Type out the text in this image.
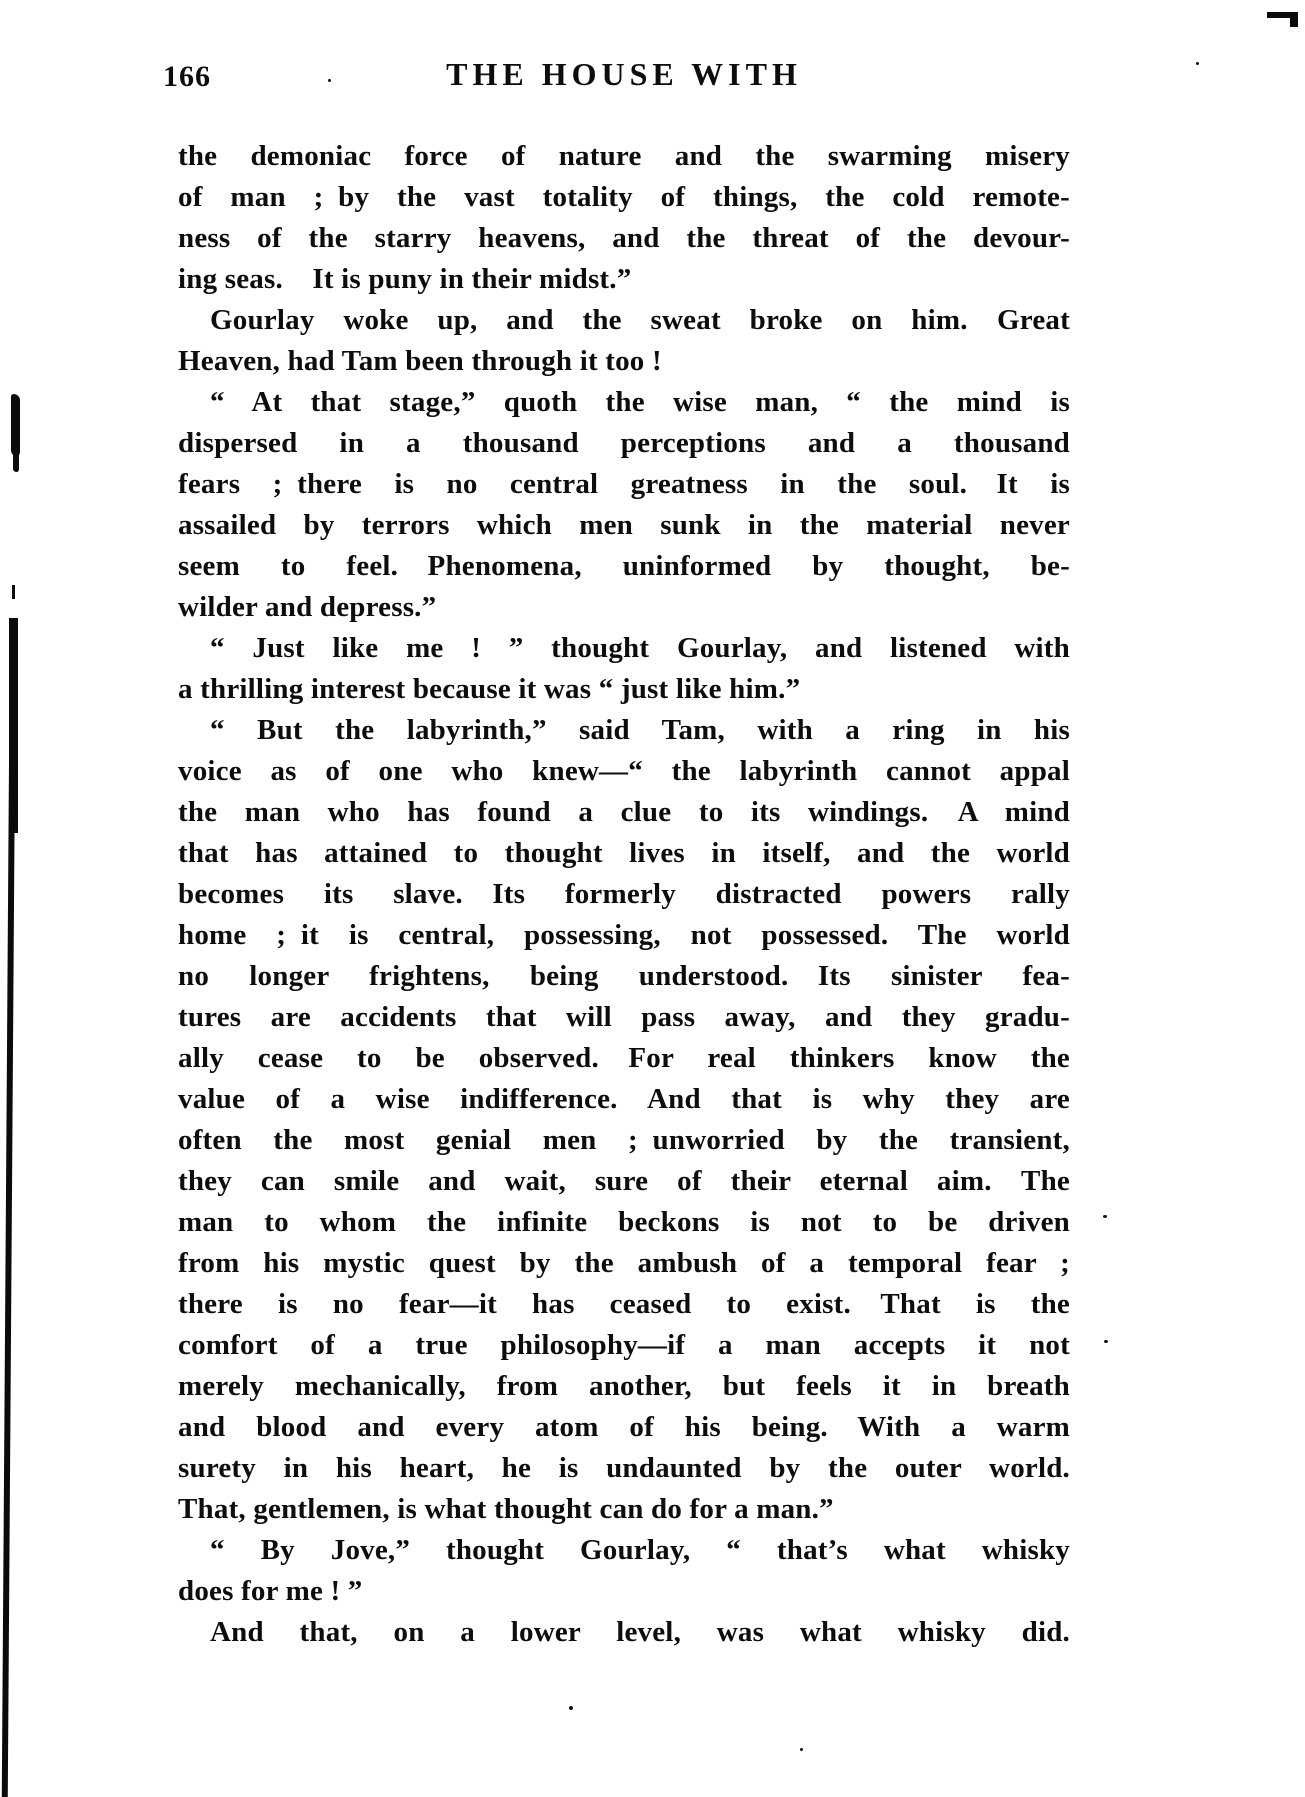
166	THE HOUSE WITH
the demoniac force of nature and the swarming misery
of man ; by the vast totality of things, the cold remote-
ness of the starry heavens, and the threat of the devour-
ing seas.  It is puny in their midst.”
Gourlay woke up, and the sweat broke on him.  Great
Heaven, had Tam been through it too !
“ At that stage,” quoth the wise man, “ the mind is
dispersed in a thousand perceptions and a thousand
fears ; there is no central greatness in the soul.  It is
assailed by terrors which men sunk in the material never
seem to feel.  Phenomena, uninformed by thought, be-
wilder and depress.”
“ Just like me ! ” thought Gourlay, and listened with
a thrilling interest because it was “ just like him.”
“ But the labyrinth,” said Tam, with a ring in his
voice as of one who knew—“ the labyrinth cannot appal
the man who has found a clue to its windings.  A mind
that has attained to thought lives in itself, and the world
becomes its slave.  Its formerly distracted powers rally
home ; it is central, possessing, not possessed.  The world
no longer frightens, being understood.  Its sinister fea-
tures are accidents that will pass away, and they gradu-
ally cease to be observed.  For real thinkers know the
value of a wise indifference.  And that is why they are
often the most genial men ; unworried by the transient,
they can smile and wait, sure of their eternal aim.  The
man to whom the infinite beckons is not to be driven
from his mystic quest by the ambush of a temporal fear ;
there is no fear—it has ceased to exist.  That is the
comfort of a true philosophy—if a man accepts it not
merely mechanically, from another, but feels it in breath
and blood and every atom of his being.  With a warm
surety in his heart, he is undaunted by the outer world.
That, gentlemen, is what thought can do for a man.”
“ By Jove,” thought Gourlay, “ that’s what whisky
does for me ! ”
And that, on a lower level, was what whisky did.
